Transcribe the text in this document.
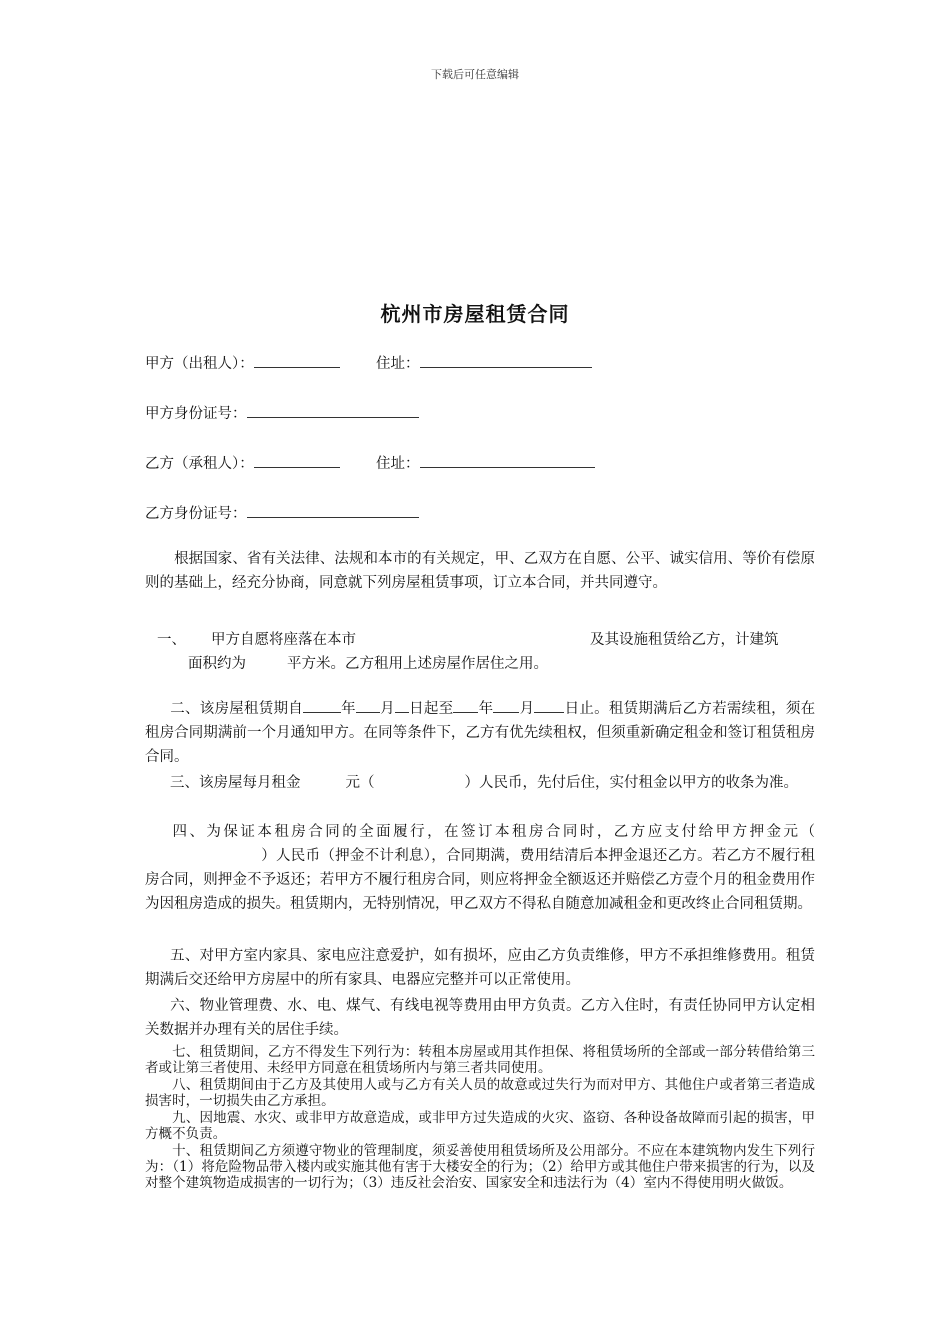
下载后可任意编辑
杭州市房屋租赁合同
甲方（出租人）：	住址：
甲方身份证号：
乙方（承租人）：	住址：
乙方身份证号：

根据国家、省有关法律、法规和本市的有关规定，甲、乙双方在自愿、公平、诚实信用、等价有偿原则的基础上，经充分协商，同意就下列房屋租赁事项，订立本合同，并共同遵守。

一、 甲方自愿将座落在本市	及其设施租赁给乙方，计建筑
面积约为	平方米。乙方租用上述房屋作居住之用。

二、该房屋租赁期自	年 月 日起至 年 月 日止。租赁期满后乙方若需续租，须在租房合同期满前一个月通知甲方。在同等条件下，乙方有优先续租权，但须重新确定租金和签订租赁租房合同。

三、该房屋每月租金	元（	）人民币，先付后住，实付租金以甲方的收条为准。

四、为保证本租房合同的全面履行，在签订本租房合同时，乙方应支付给甲方押金元（）人民币（押金不计利息），合同期满，费用结清后本押金退还乙方。若乙方不履行租房合同，则押金不予返还；若甲方不履行租房合同，则应将押金全额返还并赔偿乙方壹个月的租金费用作为因租房造成的损失。租赁期内，无特别情况，甲乙双方不得私自随意加减租金和更改终止合同租赁期。

五、对甲方室内家具、家电应注意爱护，如有损坏，应由乙方负责维修，甲方不承担维修费用。租赁期满后交还给甲方房屋中的所有家具、电器应完整并可以正常使用。

六、物业管理费、水、电、煤气、有线电视等费用由甲方负责。乙方入住时，有责任协同甲方认定相关数据并办理有关的居住手续。

七、租赁期间，乙方不得发生下列行为：转租本房屋或用其作担保、将租赁场所的全部或一部分转借给第三者或让第三者使用、未经甲方同意在租赁场所内与第三者共同使用。

八、租赁期间由于乙方及其使用人或与乙方有关人员的故意或过失行为而对甲方、其他住户或者第三者造成损害时，一切损失由乙方承担。

九、因地震、水灾、或非甲方故意造成，或非甲方过失造成的火灾、盗窃、各种设备故障而引起的损害，甲方概不负责。

十、租赁期间乙方须遵守物业的管理制度，须妥善使用租赁场所及公用部分。不应在本建筑物内发生下列行为：（1）将危险物品带入楼内或实施其他有害于大楼安全的行为；（2）给甲方或其他住户带来损害的行为，以及对整个建筑物造成损害的一切行为；（3）违反社会治安、国家安全和违法行为（4）室内不得使用明火做饭。
